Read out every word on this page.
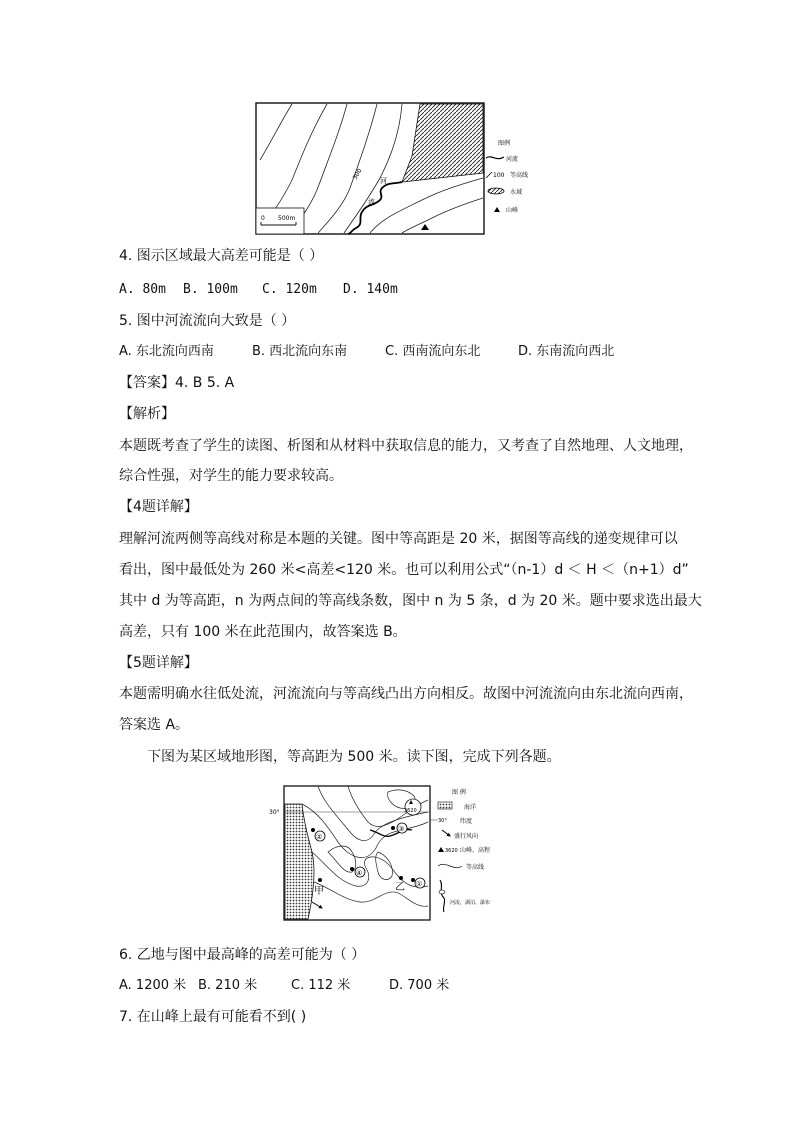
300 河
流
0 500m
图例
河流
100 等高线
水域
山峰
4. 图示区域最大高差可能是（ ）
A. 80m B. 100m C. 120m D. 140m
5. 图中河流流向大致是（ ）
A. 东北流向西南	B. 西北流向东南	C. 西南流向东北	D. 东南流向西北
【答案】4. B 5. A
【解析】
本题既考查了学生的读图、析图和从材料中获取信息的能力，又考查了自然地理、人文地理，
综合性强，对学生的能力要求较高。
【4题详解】
理解河流两侧等高线对称是本题的关键。图中等高距是 20 米，据图等高线的递变规律可以
看出，图中最低处为 260 米<高差<120 米。也可以利用公式“（n-1）d ＜ H ＜（n+1）d”
其中 d 为等高距，n 为两点间的等高线条数，图中 n 为 5 条，d 为 20 米。题中要求选出最大
高差，只有 100 米在此范围内，故答案选 B。
【5题详解】
本题需明确水往低处流，河流流向与等高线凸出方向相反。故图中河流流向由东北流向西南，
答案选 A。
下图为某区域地形图，等高距为 500 米。读下图，完成下列各题。
30°	3620
②
③
④
①
甲	乙
图 例
海洋
30° 纬度
盛行风向
3620 山峰、高程
等高线
河流、湖泊、瀑布
6. 乙地与图中最高峰的高差可能为（ ）
A. 1200 米 B. 210 米	C. 112 米	D. 700 米
7. 在山峰上最有可能看不到( )
